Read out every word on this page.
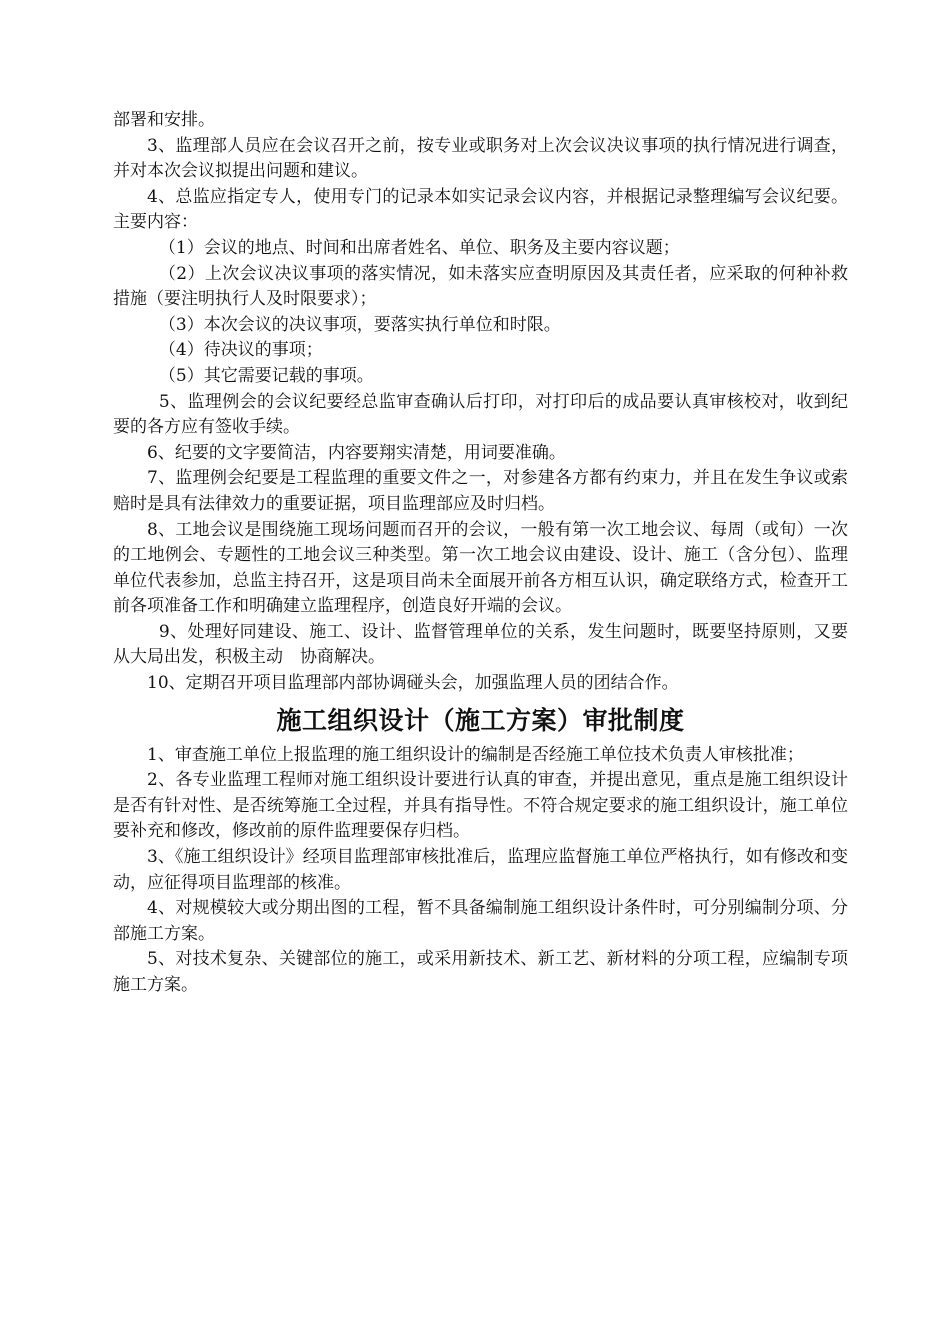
部署和安排。

3、监理部人员应在会议召开之前，按专业或职务对上次会议决议事项的执行情况进行调查，并对本次会议拟提出问题和建议。

4、总监应指定专人，使用专门的记录本如实记录会议内容，并根据记录整理编写会议纪要。主要内容：

（1）会议的地点、时间和出席者姓名、单位、职务及主要内容议题；

（2）上次会议决议事项的落实情况，如未落实应查明原因及其责任者，应采取的何种补救措施（要注明执行人及时限要求）；

（3）本次会议的决议事项，要落实执行单位和时限。

（4）待决议的事项；

（5）其它需要记载的事项。

5、监理例会的会议纪要经总监审查确认后打印，对打印后的成品要认真审核校对，收到纪要的各方应有签收手续。

6、纪要的文字要简洁，内容要翔实清楚，用词要准确。

7、监理例会纪要是工程监理的重要文件之一，对参建各方都有约束力，并且在发生争议或索赔时是具有法律效力的重要证据，项目监理部应及时归档。

8、工地会议是围绕施工现场问题而召开的会议，一般有第一次工地会议、每周（或旬）一次的工地例会、专题性的工地会议三种类型。第一次工地会议由建设、设计、施工（含分包）、监理单位代表参加，总监主持召开，这是项目尚未全面展开前各方相互认识，确定联络方式，检查开工前各项准备工作和明确建立监理程序，创造良好开端的会议。

9、处理好同建设、施工、设计、监督管理单位的关系，发生问题时，既要坚持原则，又要从大局出发，积极主动　协商解决。

10、定期召开项目监理部内部协调碰头会，加强监理人员的团结合作。

施工组织设计（施工方案）审批制度

1、审查施工单位上报监理的施工组织设计的编制是否经施工单位技术负责人审核批准；

2、各专业监理工程师对施工组织设计要进行认真的审查，并提出意见，重点是施工组织设计是否有针对性、是否统筹施工全过程，并具有指导性。不符合规定要求的施工组织设计，施工单位要补充和修改，修改前的原件监理要保存归档。

3、《施工组织设计》经项目监理部审核批准后，监理应监督施工单位严格执行，如有修改和变动，应征得项目监理部的核准。

4、对规模较大或分期出图的工程，暂不具备编制施工组织设计条件时，可分别编制分项、分部施工方案。

5、对技术复杂、关键部位的施工，或采用新技术、新工艺、新材料的分项工程，应编制专项施工方案。
